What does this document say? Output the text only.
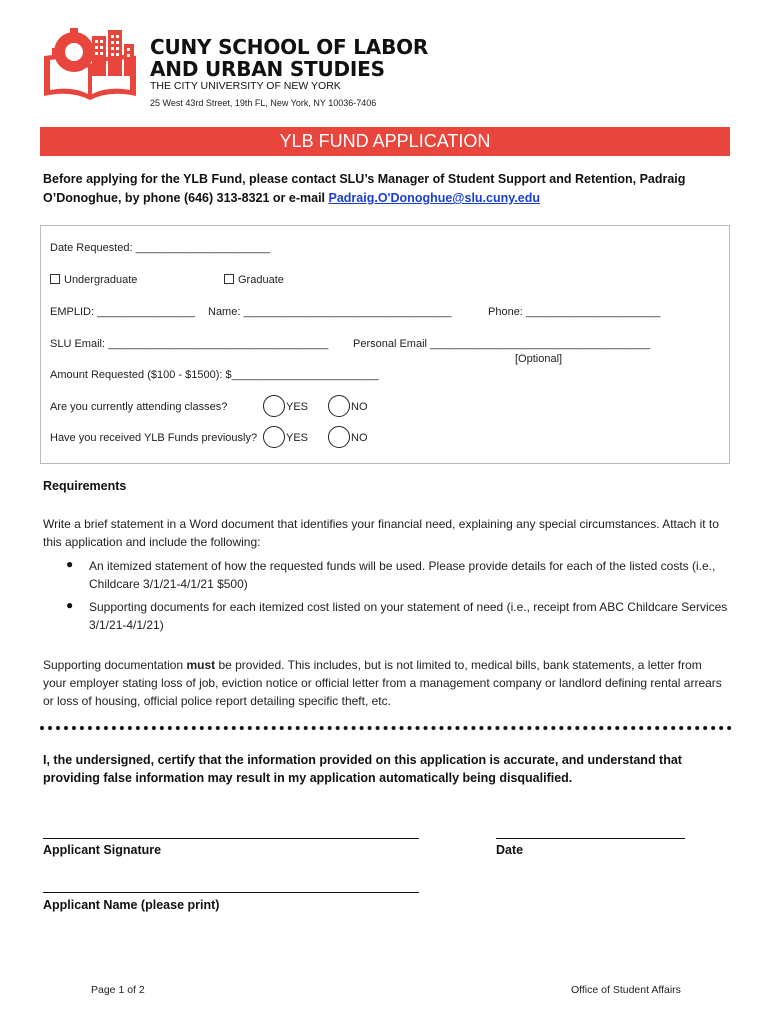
CUNY SCHOOL OF LABOR
AND URBAN STUDIES
THE CITY UNIVERSITY OF NEW YORK
25 West 43rd Street, 19th FL, New York, NY 10036-7406
YLB FUND APPLICATION
Before applying for the YLB Fund, please contact SLU’s Manager of Student Support and Retention, Padraig O’Donoghue, by phone (646) 313-8321 or e-mail Padraig.O'Donoghue@slu.cuny.edu
Date Requested: ______________________
Undergraduate	Graduate
EMPLID: ________________ Name: __________________________________	Phone: ______________________
SLU Email: ____________________________________ Personal Email ____________________________________
[Optional]
Amount Requested ($100 - $1500): $________________________
Are you currently attending classes?	YES	NO
Have you received YLB Funds previously?	YES	NO
Requirements
Write a brief statement in a Word document that identifies your financial need, explaining any special circumstances. Attach it to this application and include the following:
● An itemized statement of how the requested funds will be used. Please provide details for each of the listed costs (i.e., Childcare 3/1/21-4/1/21 $500)
● Supporting documents for each itemized cost listed on your statement of need (i.e., receipt from ABC Childcare Services 3/1/21-4/1/21)
Supporting documentation must be provided. This includes, but is not limited to, medical bills, bank statements, a letter from your employer stating loss of job, eviction notice or official letter from a management company or landlord defining rental arrears or loss of housing, official police report detailing specific theft, etc.
I, the undersigned, certify that the information provided on this application is accurate, and understand that providing false information may result in my application automatically being disqualified.
Applicant Signature	Date
Applicant Name (please print)
Page 1 of 2	Office of Student Affairs
